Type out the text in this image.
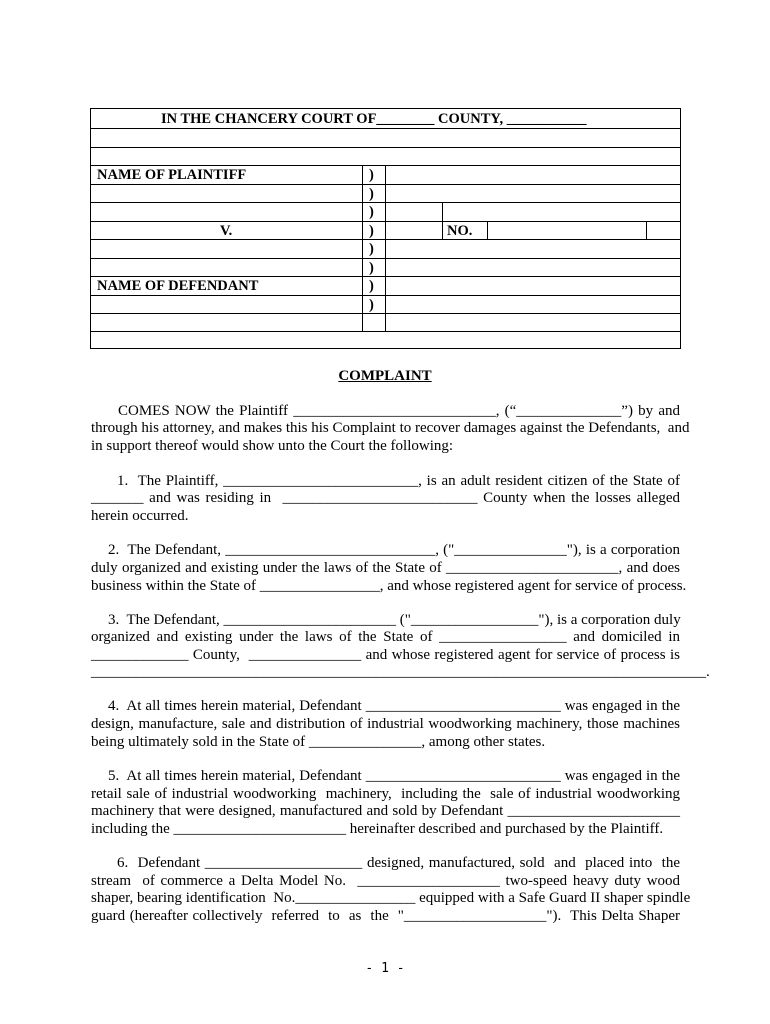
IN THE CHANCERY COURT OF________ COUNTY, ___________
NAME OF PLAINTIFF
V.
NAME OF DEFENDANT
NO.
)
)
)
)
)
)
)
)
COMPLAINT
COMES NOW the Plaintiff ___________________________, (“______________”) by and
through his attorney, and makes this his Complaint to recover damages against the Defendants,  and
in support thereof would show unto the Court the following:
1.  The Plaintiff, __________________________, is an adult resident citizen of the State of
_______ and was residing in  __________________________ County when the losses alleged
herein occurred.
2.  The Defendant, ____________________________, ("_______________"), is a corporation
duly organized and existing under the laws of the State of _______________________, and does
business within the State of ________________, and whose registered agent for service of process.
3.  The Defendant, _______________________ ("_________________"), is a corporation duly
organized and existing under the laws of the State of _________________ and domiciled in
_____________ County,  _______________ and whose registered agent for service of process is
__________________________________________________________________________________.
4.  At all times herein material, Defendant __________________________ was engaged in the
design, manufacture, sale and distribution of industrial woodworking machinery, those machines
being ultimately sold in the State of _______________, among other states.
5.  At all times herein material, Defendant __________________________ was engaged in the
retail sale of industrial woodworking  machinery,  including the  sale of industrial woodworking
machinery that were designed, manufactured and sold by Defendant _______________________
including the _______________________ hereinafter described and purchased by the Plaintiff.
6.  Defendant _____________________ designed, manufactured, sold  and  placed into  the
stream  of commerce a Delta Model No.  ___________________ two-speed heavy duty wood
shaper, bearing identification  No.________________ equipped with a Safe Guard II shaper spindle
guard (hereafter collectively  referred  to  as  the  "___________________").  This Delta Shaper
- 1 -
